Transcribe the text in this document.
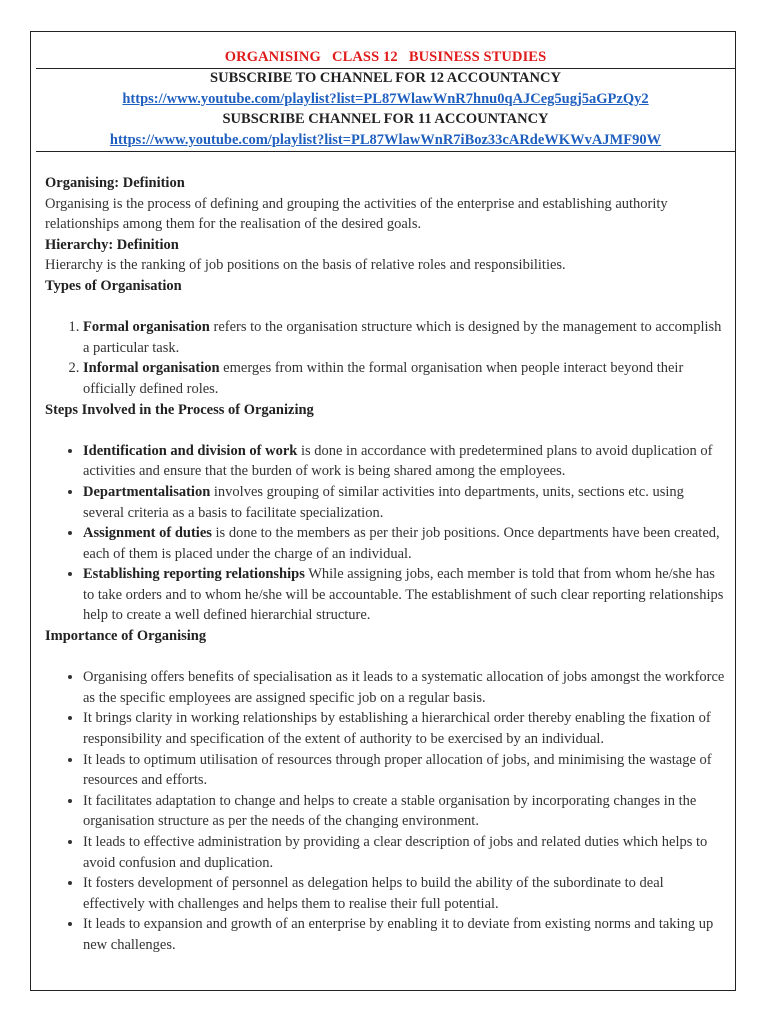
ORGANISING   CLASS 12   BUSINESS STUDIES
SUBSCRIBE TO CHANNEL FOR 12 ACCOUNTANCY
https://www.youtube.com/playlist?list=PL87WlawWnR7hnu0qAJCeg5ugj5aGPzQy2
SUBSCRIBE CHANNEL FOR 11 ACCOUNTANCY
https://www.youtube.com/playlist?list=PL87WlawWnR7iBoz33cARdeWKWvAJMF90W

Organising: Definition

Organising is the process of defining and grouping the activities of the enterprise and establishing authority relationships among them for the realisation of the desired goals.

Hierarchy: Definition

Hierarchy is the ranking of job positions on the basis of relative roles and responsibilities.

Types of Organisation

1. Formal organisation refers to the organisation structure which is designed by the management to accomplish a particular task.
2. Informal organisation emerges from within the formal organisation when people interact beyond their officially defined roles.

Steps Involved in the Process of Organizing

• Identification and division of work is done in accordance with predetermined plans to avoid duplication of activities and ensure that the burden of work is being shared among the employees.
• Departmentalisation involves grouping of similar activities into departments, units, sections etc. using several criteria as a basis to facilitate specialization.
• Assignment of duties is done to the members as per their job positions. Once departments have been created, each of them is placed under the charge of an individual.
• Establishing reporting relationships While assigning jobs, each member is told that from whom he/she has to take orders and to whom he/she will be accountable. The establishment of such clear reporting relationships help to create a well defined hierarchial structure.

Importance of Organising

• Organising offers benefits of specialisation as it leads to a systematic allocation of jobs amongst the workforce as the specific employees are assigned specific job on a regular basis.
• It brings clarity in working relationships by establishing a hierarchical order thereby enabling the fixation of responsibility and specification of the extent of authority to be exercised by an individual.
• It leads to optimum utilisation of resources through proper allocation of jobs, and minimising the wastage of resources and efforts.
• It facilitates adaptation to change and helps to create a stable organisation by incorporating changes in the organisation structure as per the needs of the changing environment.
• It leads to effective administration by providing a clear description of jobs and related duties which helps to avoid confusion and duplication.
• It fosters development of personnel as delegation helps to build the ability of the subordinate to deal effectively with challenges and helps them to realise their full potential.
• It leads to expansion and growth of an enterprise by enabling it to deviate from existing norms and taking up new challenges.
